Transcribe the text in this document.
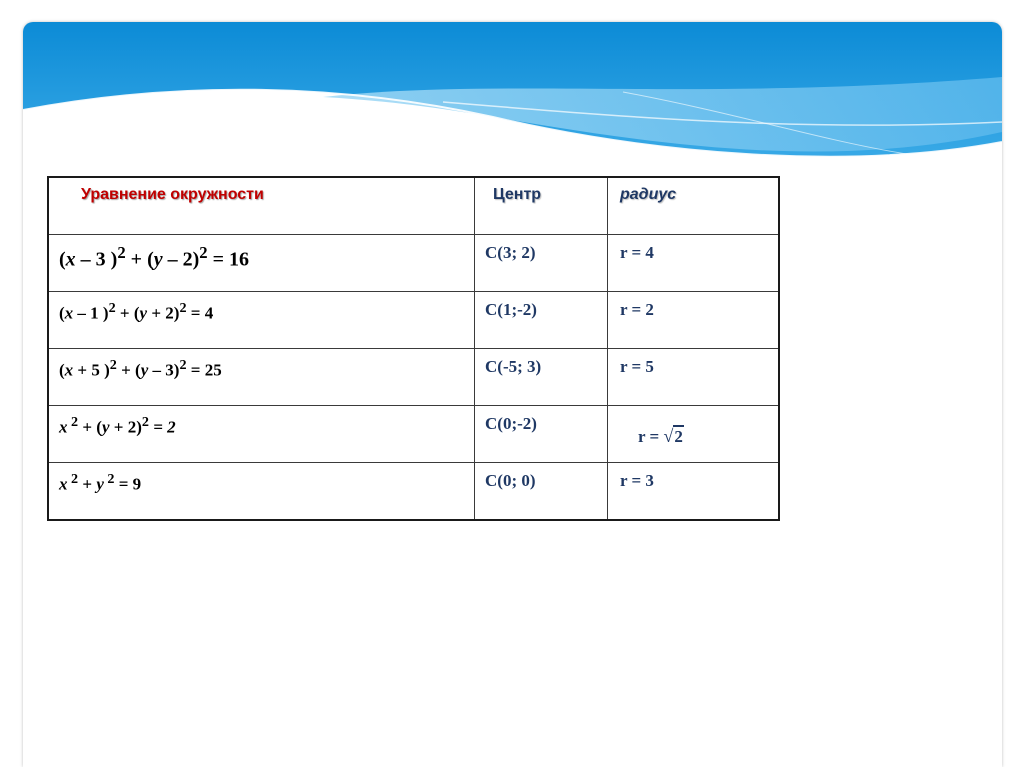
Уравнение окружности	Центр	радиус

(x – 3 )$^2$ + (y – 2)$^2$ = 16	C(3; 2)	r = 4

(x – 1 )$^2 + (y + 2)^2 = 4$	C(1;-2)	r = 2

(x + 5 )$^2$ + (y – 3)$^2$ = 25	C(-5; 3)	r = 5

x $^2 + (y + 2)^2 = 2$	C(0;-2)	r = √2

x $^2$ + y $^2$ = 9	C(0; 0)	r = 3
